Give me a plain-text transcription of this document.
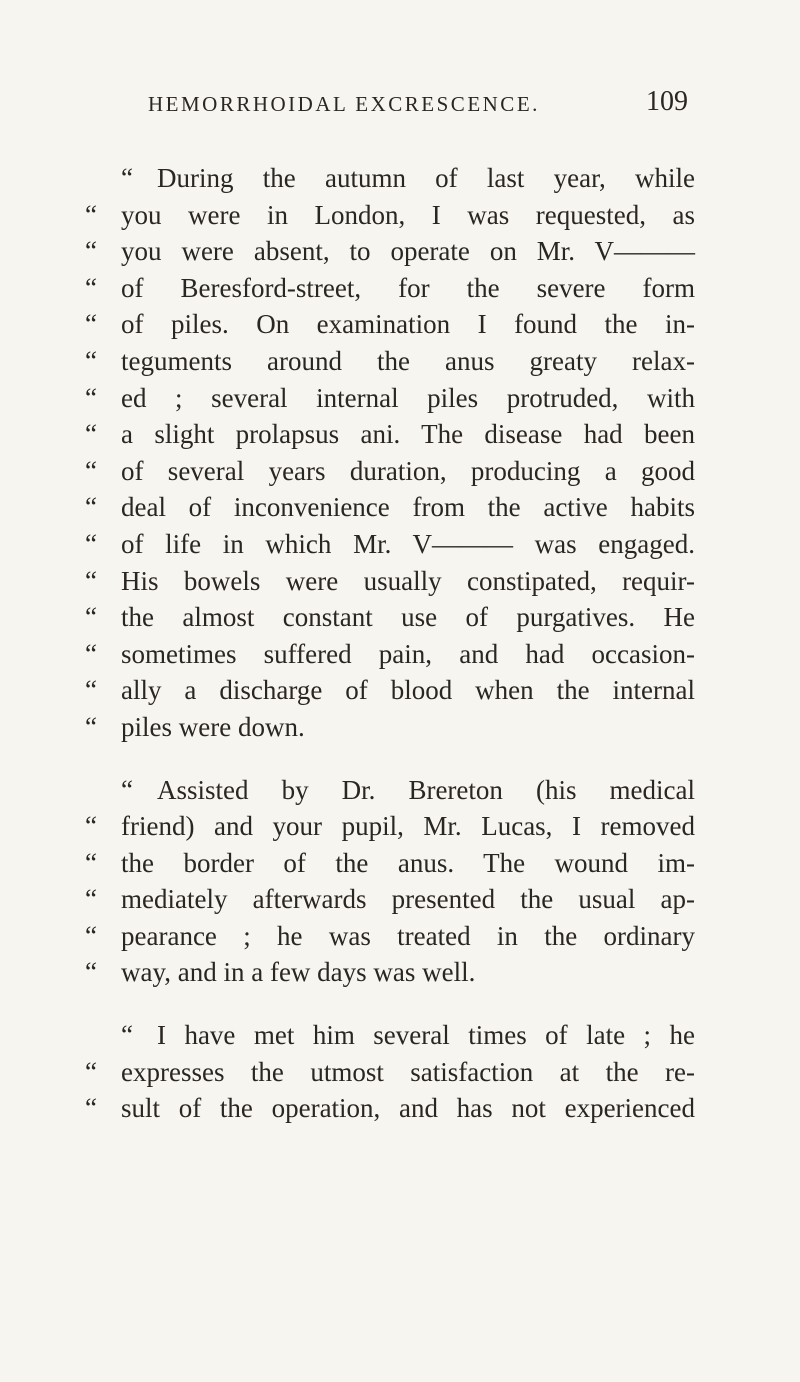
HEMORRHOIDAL EXCRESCENCE.	109
“ During the autumn of last year, while
“ you were in London, I was requested, as
“ you were absent, to operate on Mr. V———
“ of Beresford-street, for the severe form
“ of piles. On examination I found the in-
“ teguments around the anus greaty relax-
“ ed ; several internal piles protruded, with
“ a slight prolapsus ani. The disease had been
“ of several years duration, producing a good
“ deal of inconvenience from the active habits
“ of life in which Mr. V——— was engaged.
“ His bowels were usually constipated, requir-
“ the almost constant use of purgatives. He
“ sometimes suffered pain, and had occasion-
“ ally a discharge of blood when the internal
“ piles were down.
“ Assisted by Dr. Brereton (his medical
“ friend) and your pupil, Mr. Lucas, I removed
“ the border of the anus. The wound im-
“ mediately afterwards presented the usual ap-
“ pearance ; he was treated in the ordinary
“ way, and in a few days was well.
“ I have met him several times of late ; he
“ expresses the utmost satisfaction at the re-
“ sult of the operation, and has not experienced
